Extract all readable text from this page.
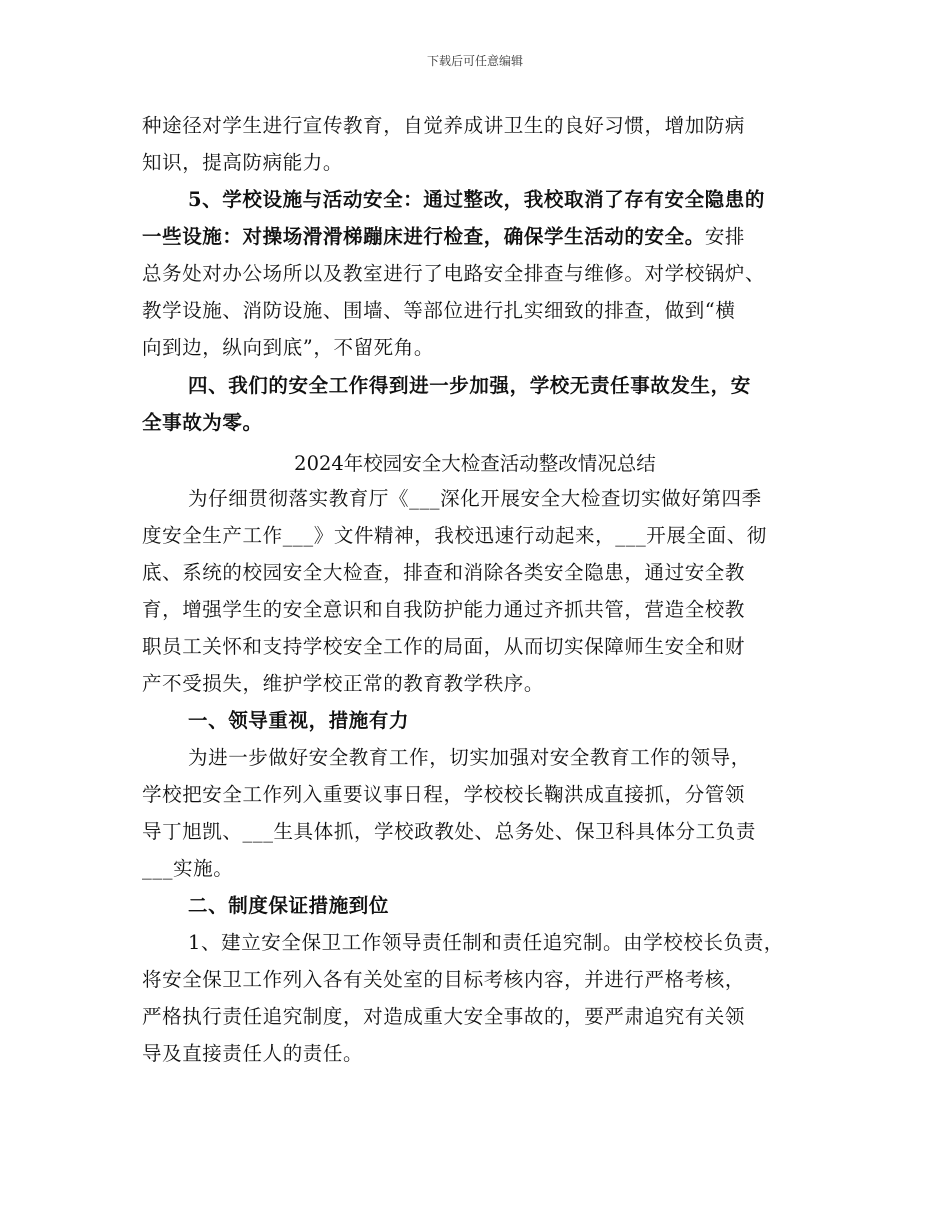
下载后可任意编辑
种途径对学生进行宣传教育，自觉养成讲卫生的良好习惯，增加防病
知识，提高防病能力。
5、学校设施与活动安全：通过整改，我校取消了存有安全隐患的
一些设施：对操场滑滑梯蹦床进行检查，确保学生活动的安全。安排
总务处对办公场所以及教室进行了电路安全排查与维修。对学校锅炉、
教学设施、消防设施、围墙、等部位进行扎实细致的排查，做到“横
向到边，纵向到底”，不留死角。
四、我们的安全工作得到进一步加强，学校无责任事故发生，安
全事故为零。
2024年校园安全大检查活动整改情况总结
为仔细贯彻落实教育厅《___深化开展安全大检查切实做好第四季
度安全生产工作___》文件精神，我校迅速行动起来，___开展全面、彻
底、系统的校园安全大检查，排查和消除各类安全隐患，通过安全教
育，增强学生的安全意识和自我防护能力通过齐抓共管，营造全校教
职员工关怀和支持学校安全工作的局面，从而切实保障师生安全和财
产不受损失，维护学校正常的教育教学秩序。
一、领导重视，措施有力
为进一步做好安全教育工作，切实加强对安全教育工作的领导，
学校把安全工作列入重要议事日程，学校校长鞠洪成直接抓，分管领
导丁旭凯、___生具体抓，学校政教处、总务处、保卫科具体分工负责
___实施。
二、制度保证措施到位
1、建立安全保卫工作领导责任制和责任追究制。由学校校长负责，
将安全保卫工作列入各有关处室的目标考核内容，并进行严格考核，
严格执行责任追究制度，对造成重大安全事故的，要严肃追究有关领
导及直接责任人的责任。
